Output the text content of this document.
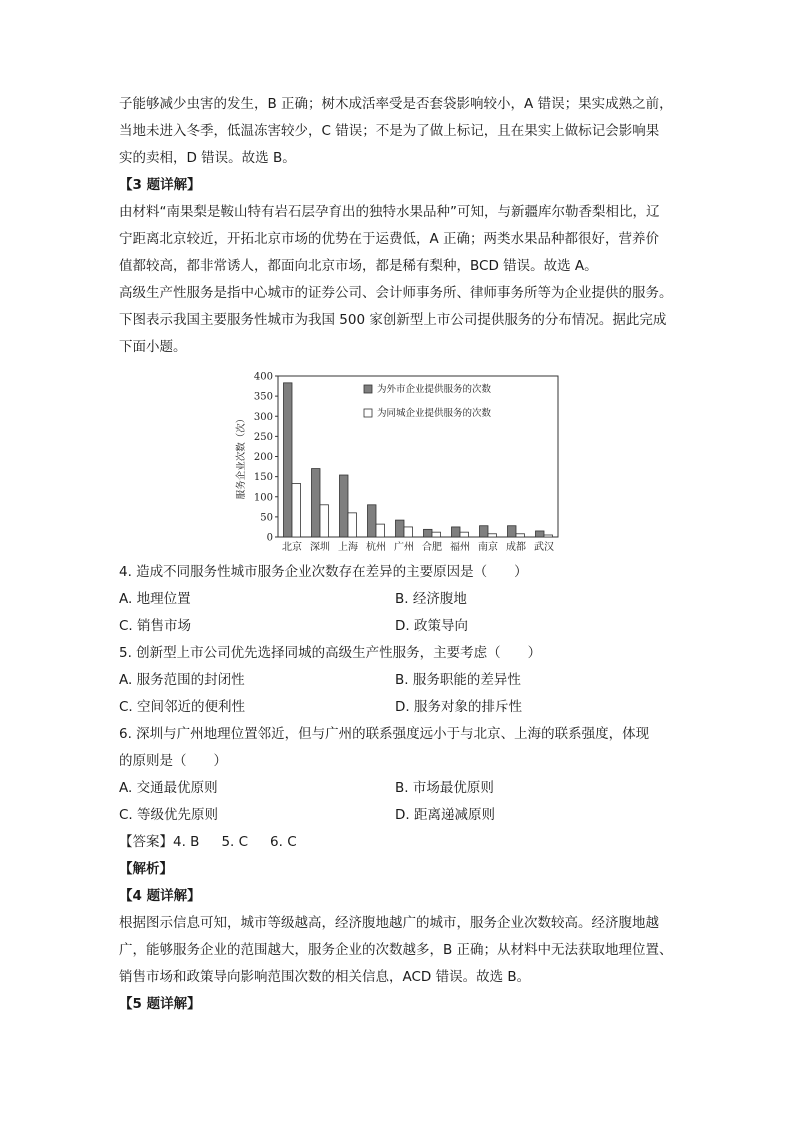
子能够减少虫害的发生，B 正确；树木成活率受是否套袋影响较小，A 错误；果实成熟之前，

当地未进入冬季，低温冻害较少，C 错误；不是为了做上标记，且在果实上做标记会影响果

实的卖相，D 错误。故选 B。

【3 题详解】

由材料“南果梨是鞍山特有岩石层孕育出的独特水果品种”可知，与新疆库尔勒香梨相比，辽

宁距离北京较近，开拓北京市场的优势在于运费低，A 正确；两类水果品种都很好，营养价

值都较高，都非常诱人，都面向北京市场，都是稀有梨种，BCD 错误。故选 A。

高级生产性服务是指中心城市的证券公司、会计师事务所、律师事务所等为企业提供的服务。

下图表示我国主要服务性城市为我国 500 家创新型上市公司提供服务的分布情况。据此完成

下面小题。

0
50
100
150
200
250
300
350
400
服务企业次数（次）
北京 深圳 上海 杭州 广州 合肥 福州 南京 成都 武汉
为外市企业提供服务的次数
为同城企业提供服务的次数

4. 造成不同服务性城市服务企业次数存在差异的主要原因是（　　）

A. 地理位置	B. 经济腹地
C. 销售市场	D. 政策导向

5. 创新型上市公司优先选择同城的高级生产性服务，主要考虑（　　）

A. 服务范围的封闭性	B. 服务职能的差异性
C. 空间邻近的便利性	D. 服务对象的排斥性

6. 深圳与广州地理位置邻近，但与广州的联系强度远小于与北京、上海的联系强度，体现

的原则是（　　）

A. 交通最优原则	B. 市场最优原则
C. 等级优先原则	D. 距离递减原则

【答案】4. B 5. C 6. C

【解析】

【4 题详解】

根据图示信息可知，城市等级越高，经济腹地越广的城市，服务企业次数较高。经济腹地越

广，能够服务企业的范围越大，服务企业的次数越多，B 正确；从材料中无法获取地理位置、

销售市场和政策导向影响范围次数的相关信息，ACD 错误。故选 B。

【5 题详解】
